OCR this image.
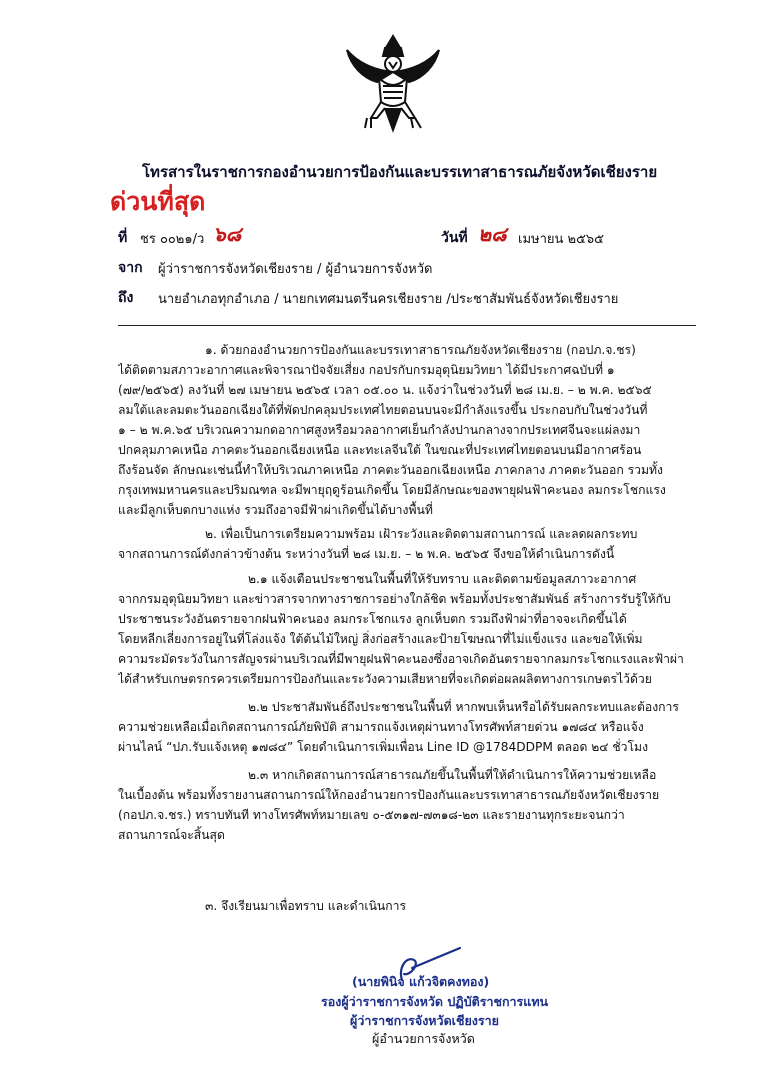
โทรสารในราชการกองอำนวยการป้องกันและบรรเทาสาธารณภัยจังหวัดเชียงราย
ด่วนที่สุด
ที่ ชร ๐๐๒๑/ว ๖๘	วันที่ ๒๘ เมษายน ๒๕๖๕
จาก ผู้ว่าราชการจังหวัดเชียงราย / ผู้อำนวยการจังหวัด
ถึง นายอำเภอทุกอำเภอ / นายกเทศมนตรีนครเชียงราย /ประชาสัมพันธ์จังหวัดเชียงราย
๑. ด้วยกองอำนวยการป้องกันและบรรเทาสาธารณภัยจังหวัดเชียงราย (กอปภ.จ.ชร)
ได้ติดตามสภาวะอากาศและพิจารณาปัจจัยเสี่ยง กอปรกับกรมอุตุนิยมวิทยา ได้มีประกาศฉบับที่ ๑
(๗๙/๒๕๖๕) ลงวันที่ ๒๗ เมษายน ๒๕๖๕ เวลา ๐๕.๐๐ น. แจ้งว่าในช่วงวันที่ ๒๘ เม.ย. – ๒ พ.ค. ๒๕๖๕
ลมใต้และลมตะวันออกเฉียงใต้ที่พัดปกคลุมประเทศไทยตอนบนจะมีกำลังแรงขึ้น ประกอบกับในช่วงวันที่
๑ – ๒ พ.ค.๖๕ บริเวณความกดอากาศสูงหรือมวลอากาศเย็นกำลังปานกลางจากประเทศจีนจะแผ่ลงมา
ปกคลุมภาคเหนือ ภาคตะวันออกเฉียงเหนือ และทะเลจีนใต้ ในขณะที่ประเทศไทยตอนบนมีอากาศร้อน
ถึงร้อนจัด ลักษณะเช่นนี้ทำให้บริเวณภาคเหนือ ภาคตะวันออกเฉียงเหนือ ภาคกลาง ภาคตะวันออก รวมทั้ง
กรุงเทพมหานครและปริมณฑล จะมีพายุฤดูร้อนเกิดขึ้น โดยมีลักษณะของพายุฝนฟ้าคะนอง ลมกระโชกแรง
และมีลูกเห็บตกบางแห่ง รวมถึงอาจมีฟ้าผ่าเกิดขึ้นได้บางพื้นที่
๒. เพื่อเป็นการเตรียมความพร้อม เฝ้าระวังและติดตามสถานการณ์ และลดผลกระทบ
จากสถานการณ์ดังกล่าวข้างต้น ระหว่างวันที่ ๒๘ เม.ย. – ๒ พ.ค. ๒๕๖๕ จึงขอให้ดำเนินการดังนี้
๒.๑ แจ้งเตือนประชาชนในพื้นที่ให้รับทราบ และติดตามข้อมูลสภาวะอากาศ
จากกรมอุตุนิยมวิทยา และข่าวสารจากทางราชการอย่างใกล้ชิด พร้อมทั้งประชาสัมพันธ์ สร้างการรับรู้ให้กับ
ประชาชนระวังอันตรายจากฝนฟ้าคะนอง ลมกระโชกแรง ลูกเห็บตก รวมถึงฟ้าผ่าที่อาจจะเกิดขึ้นได้
โดยหลีกเลี่ยงการอยู่ในที่โล่งแจ้ง ใต้ต้นไม้ใหญ่ สิ่งก่อสร้างและป้ายโฆษณาที่ไม่แข็งแรง และขอให้เพิ่ม
ความระมัดระวังในการสัญจรผ่านบริเวณที่มีพายุฝนฟ้าคะนองซึ่งอาจเกิดอันตรายจากลมกระโชกแรงและฟ้าผ่า
ได้สำหรับเกษตรกรควรเตรียมการป้องกันและระวังความเสียหายที่จะเกิดต่อผลผลิตทางการเกษตรไว้ด้วย
๒.๒ ประชาสัมพันธ์ถึงประชาชนในพื้นที่ หากพบเห็นหรือได้รับผลกระทบและต้องการ
ความช่วยเหลือเมื่อเกิดสถานการณ์ภัยพิบัติ สามารถแจ้งเหตุผ่านทางโทรศัพท์สายด่วน ๑๗๘๔ หรือแจ้ง
ผ่านไลน์ “ปภ.รับแจ้งเหตุ ๑๗๘๔” โดยดำเนินการเพิ่มเพื่อน Line ID @1784DDPM ตลอด ๒๔ ชั่วโมง
๒.๓ หากเกิดสถานการณ์สาธารณภัยขึ้นในพื้นที่ให้ดำเนินการให้ความช่วยเหลือ
ในเบื้องต้น พร้อมทั้งรายงานสถานการณ์ให้กองอำนวยการป้องกันและบรรเทาสาธารณภัยจังหวัดเชียงราย
(กอปภ.จ.ชร.) ทราบทันที ทางโทรศัพท์หมายเลข ๐-๕๓๑๗-๗๓๑๘-๒๓ และรายงานทุกระยะจนกว่า
สถานการณ์จะสิ้นสุด
๓. จึงเรียนมาเพื่อทราบ และดำเนินการ
(นายพินิจ แก้วจิตคงทอง)
รองผู้ว่าราชการจังหวัด ปฏิบัติราชการแทน
ผู้ว่าราชการจังหวัดเชียงราย
ผู้อำนวยการจังหวัด
